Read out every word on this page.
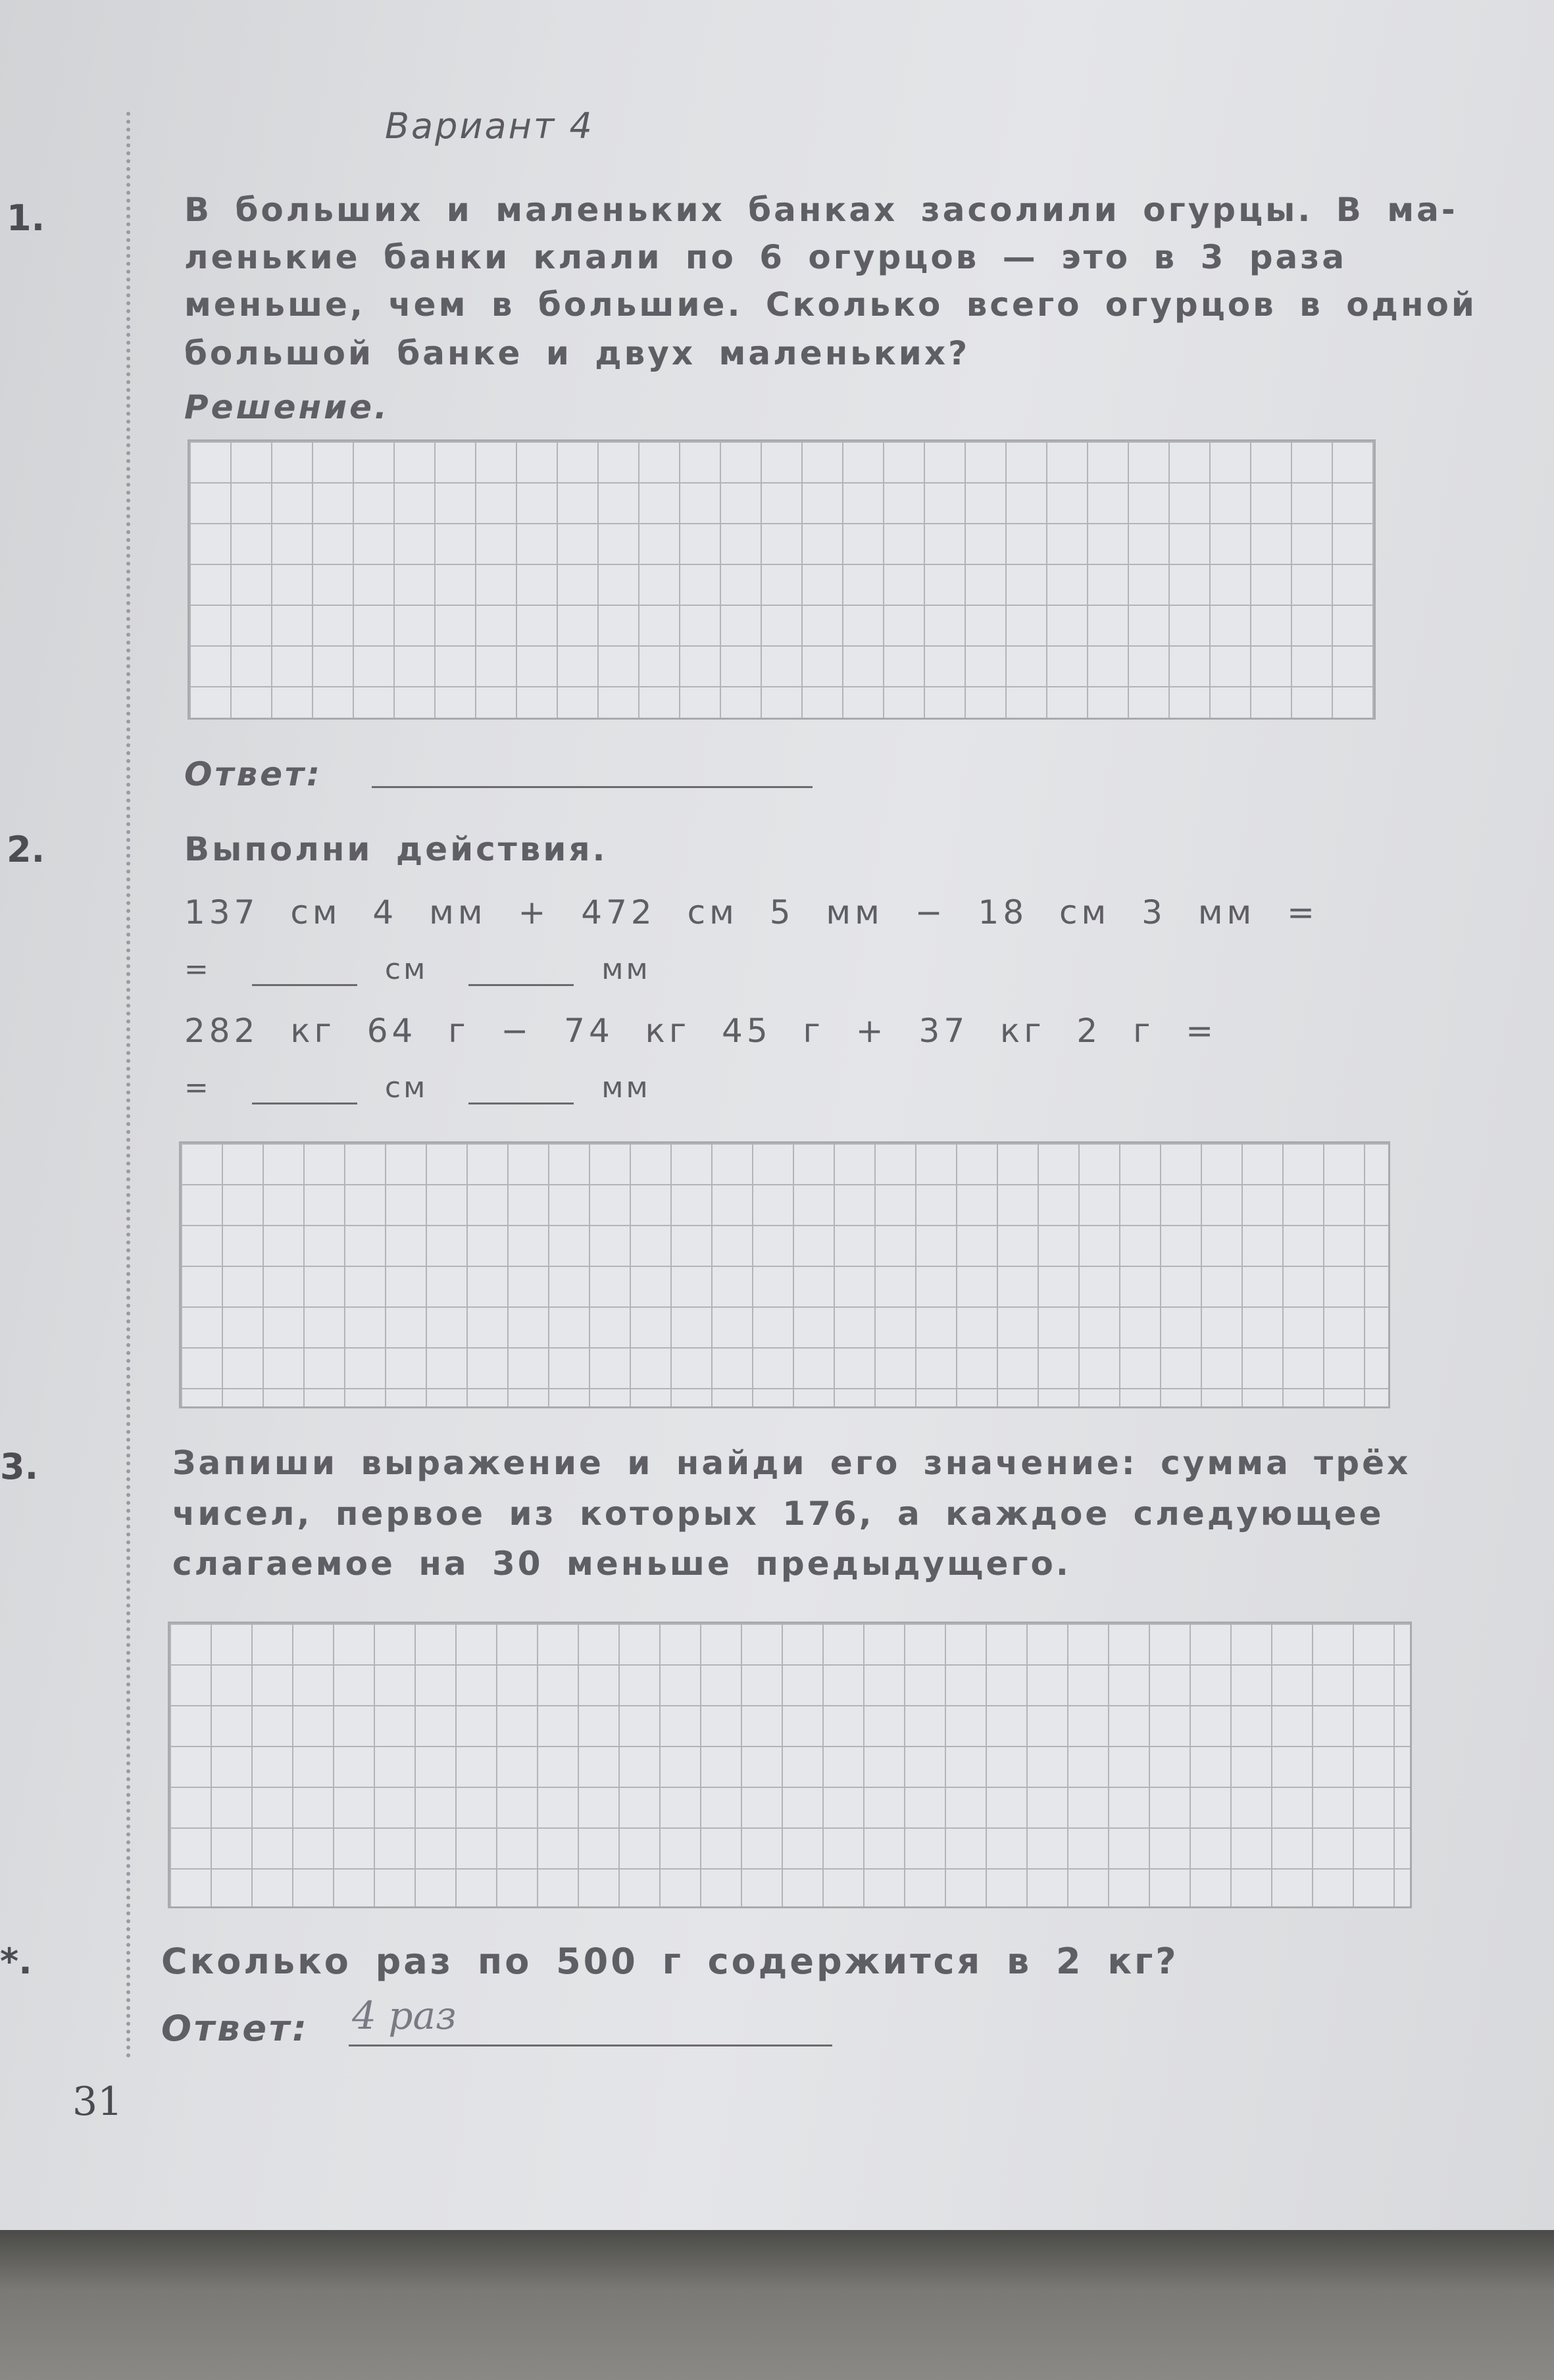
Вариант 4
1.	В больших и маленьких банках засолили огурцы. В ма-
ленькие банки клали по 6 огурцов — это в 3 раза
меньше, чем в большие. Сколько всего огурцов в одной
большой банке и двух маленьких?
Решение.
Ответ:
2.	Выполни действия.
137 см 4 мм + 472 см 5 мм − 18 см 3 мм =
=	см	мм
282 кг 64 г − 74 кг 45 г + 37 кг 2 г =
=	см	мм
3.	Запиши выражение и найди его значение: сумма трёх
чисел, первое из которых 176, а каждое следующее
слагаемое на 30 меньше предыдущего.
*.	Сколько раз по 500 г содержится в 2 кг?
Ответ: 4 раз
31
